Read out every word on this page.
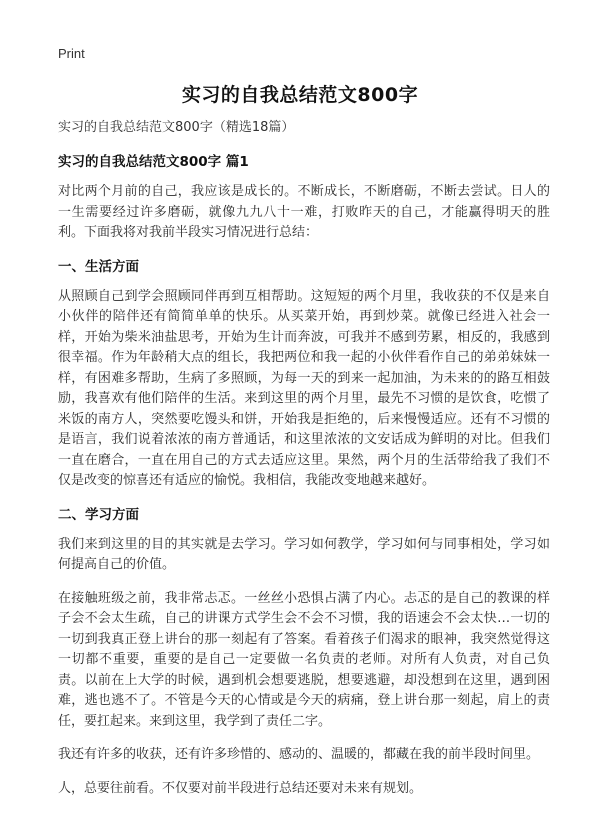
Print
实习的自我总结范文800字
实习的自我总结范文800字（精选18篇）
实习的自我总结范文800字 篇1

对比两个月前的自己，我应该是成长的。不断成长，不断磨砺，不断去尝试。日人的一生需要经过许多磨砺，就像九九八十一难，打败昨天的自己，才能赢得明天的胜利。下面我将对我前半段实习情况进行总结：

一、生活方面

从照顾自己到学会照顾同伴再到互相帮助。这短短的两个月里，我收获的不仅是来自小伙伴的陪伴还有简简单单的快乐。从买菜开始，再到炒菜。就像已经进入社会一样，开始为柴米油盐思考，开始为生计而奔波，可我并不感到劳累，相反的，我感到很幸福。作为年龄稍大点的组长，我把两位和我一起的小伙伴看作自己的弟弟妹妹一样，有困难多帮助，生病了多照顾，为每一天的到来一起加油，为未来的的路互相鼓励，我喜欢有他们陪伴的生活。来到这里的两个月里，最先不习惯的是饮食，吃惯了米饭的南方人，突然要吃馒头和饼，开始我是拒绝的，后来慢慢适应。还有不习惯的是语言，我们说着浓浓的南方普通话，和这里浓浓的文安话成为鲜明的对比。但我们一直在磨合，一直在用自己的方式去适应这里。果然，两个月的生活带给我了我们不仅是改变的惊喜还有适应的愉悦。我相信，我能改变地越来越好。

二、学习方面

我们来到这里的目的其实就是去学习。学习如何教学，学习如何与同事相处，学习如何提高自己的价值。

在接触班级之前，我非常忐忑。一丝丝小恐惧占满了内心。忐忑的是自己的教课的样子会不会太生疏，自己的讲课方式学生会不会不习惯，我的语速会不会太快…一切的一切到我真正登上讲台的那一刻起有了答案。看着孩子们渴求的眼神，我突然觉得这一切都不重要，重要的是自己一定要做一名负责的老师。对所有人负责，对自己负责。以前在上大学的时候，遇到机会想要逃脱，想要逃避，却没想到在这里，遇到困难，逃也逃不了。不管是今天的心情或是今天的病痛，登上讲台那一刻起，肩上的责任，要扛起来。来到这里，我学到了责任二字。

我还有许多的收获，还有许多珍惜的、感动的、温暖的，都藏在我的前半段时间里。

人，总要往前看。不仅要对前半段进行总结还要对未来有规划。
